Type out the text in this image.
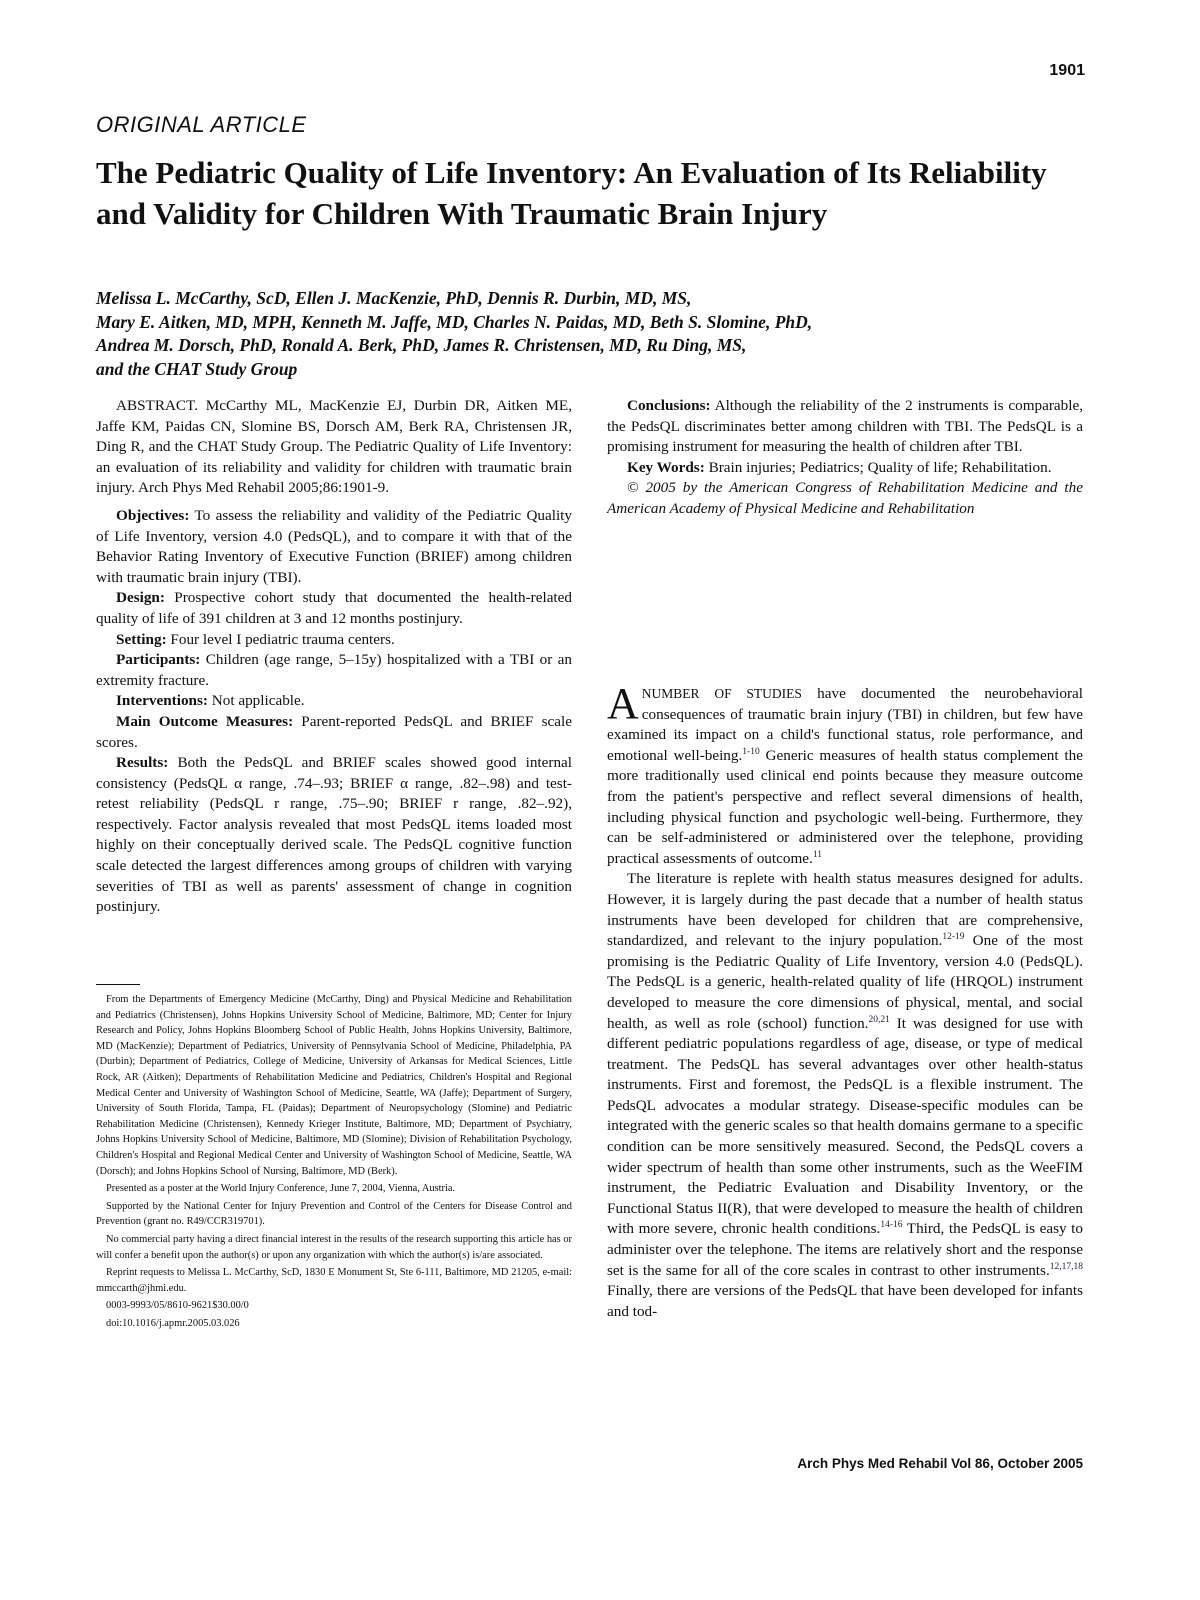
1901
ORIGINAL ARTICLE
The Pediatric Quality of Life Inventory: An Evaluation of Its Reliability and Validity for Children With Traumatic Brain Injury
Melissa L. McCarthy, ScD, Ellen J. MacKenzie, PhD, Dennis R. Durbin, MD, MS,
Mary E. Aitken, MD, MPH, Kenneth M. Jaffe, MD, Charles N. Paidas, MD, Beth S. Slomine, PhD,
Andrea M. Dorsch, PhD, Ronald A. Berk, PhD, James R. Christensen, MD, Ru Ding, MS,
and the CHAT Study Group

ABSTRACT. McCarthy ML, MacKenzie EJ, Durbin DR, Aitken ME, Jaffe KM, Paidas CN, Slomine BS, Dorsch AM, Berk RA, Christensen JR, Ding R, and the CHAT Study Group. The Pediatric Quality of Life Inventory: an evaluation of its reliability and validity for children with traumatic brain injury. Arch Phys Med Rehabil 2005;86:1901-9.

Objectives: To assess the reliability and validity of the Pediatric Quality of Life Inventory, version 4.0 (PedsQL), and to compare it with that of the Behavior Rating Inventory of Executive Function (BRIEF) among children with traumatic brain injury (TBI).

Design: Prospective cohort study that documented the health-related quality of life of 391 children at 3 and 12 months postinjury.

Setting: Four level I pediatric trauma centers.

Participants: Children (age range, 5–15y) hospitalized with a TBI or an extremity fracture.

Interventions: Not applicable.

Main Outcome Measures: Parent-reported PedsQL and BRIEF scale scores.

Results: Both the PedsQL and BRIEF scales showed good internal consistency (PedsQL α range, .74–.93; BRIEF α range, .82–.98) and test-retest reliability (PedsQL r range, .75–.90; BRIEF r range, .82–.92), respectively. Factor analysis revealed that most PedsQL items loaded most highly on their conceptually derived scale. The PedsQL cognitive function scale detected the largest differences among groups of children with varying severities of TBI as well as parents' assessment of change in cognition postinjury.

Conclusions: Although the reliability of the 2 instruments is comparable, the PedsQL discriminates better among children with TBI. The PedsQL is a promising instrument for measuring the health of children after TBI.

Key Words: Brain injuries; Pediatrics; Quality of life; Rehabilitation.

© 2005 by the American Congress of Rehabilitation Medicine and the American Academy of Physical Medicine and Rehabilitation

A NUMBER OF STUDIES have documented the neurobehavioral consequences of traumatic brain injury (TBI) in children, but few have examined its impact on a child's functional status, role performance, and emotional well-being.$^{1-10}$ Generic measures of health status complement the more traditionally used clinical end points because they measure outcome from the patient's perspective and reflect several dimensions of health, including physical function and psychologic well-being. Furthermore, they can be self-administered or administered over the telephone, providing practical assessments of outcome.$^{11}$

The literature is replete with health status measures designed for adults. However, it is largely during the past decade that a number of health status instruments have been developed for children that are comprehensive, standardized, and relevant to the injury population.$^{12-19}$ One of the most promising is the Pediatric Quality of Life Inventory, version 4.0 (PedsQL). The PedsQL is a generic, health-related quality of life (HRQOL) instrument developed to measure the core dimensions of physical, mental, and social health, as well as role (school) function.$^{20,21}$ It was designed for use with different pediatric populations regardless of age, disease, or type of medical treatment. The PedsQL has several advantages over other health-status instruments. First and foremost, the PedsQL is a flexible instrument. The PedsQL advocates a modular strategy. Disease-specific modules can be integrated with the generic scales so that health domains germane to a specific condition can be more sensitively measured. Second, the PedsQL covers a wider spectrum of health than some other instruments, such as the WeeFIM instrument, the Pediatric Evaluation and Disability Inventory, or the Functional Status II(R), that were developed to measure the health of children with more severe, chronic health conditions.$^{14-16}$ Third, the PedsQL is easy to administer over the telephone. The items are relatively short and the response set is the same for all of the core scales in contrast to other instruments.$^{12,17,18}$ Finally, there are versions of the PedsQL that have been developed for infants and tod-

From the Departments of Emergency Medicine (McCarthy, Ding) and Physical Medicine and Rehabilitation and Pediatrics (Christensen), Johns Hopkins University School of Medicine, Baltimore, MD; Center for Injury Research and Policy, Johns Hopkins Bloomberg School of Public Health, Johns Hopkins University, Baltimore, MD (MacKenzie); Department of Pediatrics, University of Pennsylvania School of Medicine, Philadelphia, PA (Durbin); Department of Pediatrics, College of Medicine, University of Arkansas for Medical Sciences, Little Rock, AR (Aitken); Departments of Rehabilitation Medicine and Pediatrics, Children's Hospital and Regional Medical Center and University of Washington School of Medicine, Seattle, WA (Jaffe); Department of Surgery, University of South Florida, Tampa, FL (Paidas); Department of Neuropsychology (Slomine) and Pediatric Rehabilitation Medicine (Christensen), Kennedy Krieger Institute, Baltimore, MD; Department of Psychiatry, Johns Hopkins University School of Medicine, Baltimore, MD (Slomine); Division of Rehabilitation Psychology, Children's Hospital and Regional Medical Center and University of Washington School of Medicine, Seattle, WA (Dorsch); and Johns Hopkins School of Nursing, Baltimore, MD (Berk).

Presented as a poster at the World Injury Conference, June 7, 2004, Vienna, Austria.

Supported by the National Center for Injury Prevention and Control of the Centers for Disease Control and Prevention (grant no. R49/CCR319701).

No commercial party having a direct financial interest in the results of the research supporting this article has or will confer a benefit upon the author(s) or upon any organization with which the author(s) is/are associated.

Reprint requests to Melissa L. McCarthy, ScD, 1830 E Monument St, Ste 6-111, Baltimore, MD 21205, e-mail: mmccarth@jhmi.edu.

0003-9993/05/8610-9621$30.00/0

doi:10.1016/j.apmr.2005.03.026

Arch Phys Med Rehabil Vol 86, October 2005
